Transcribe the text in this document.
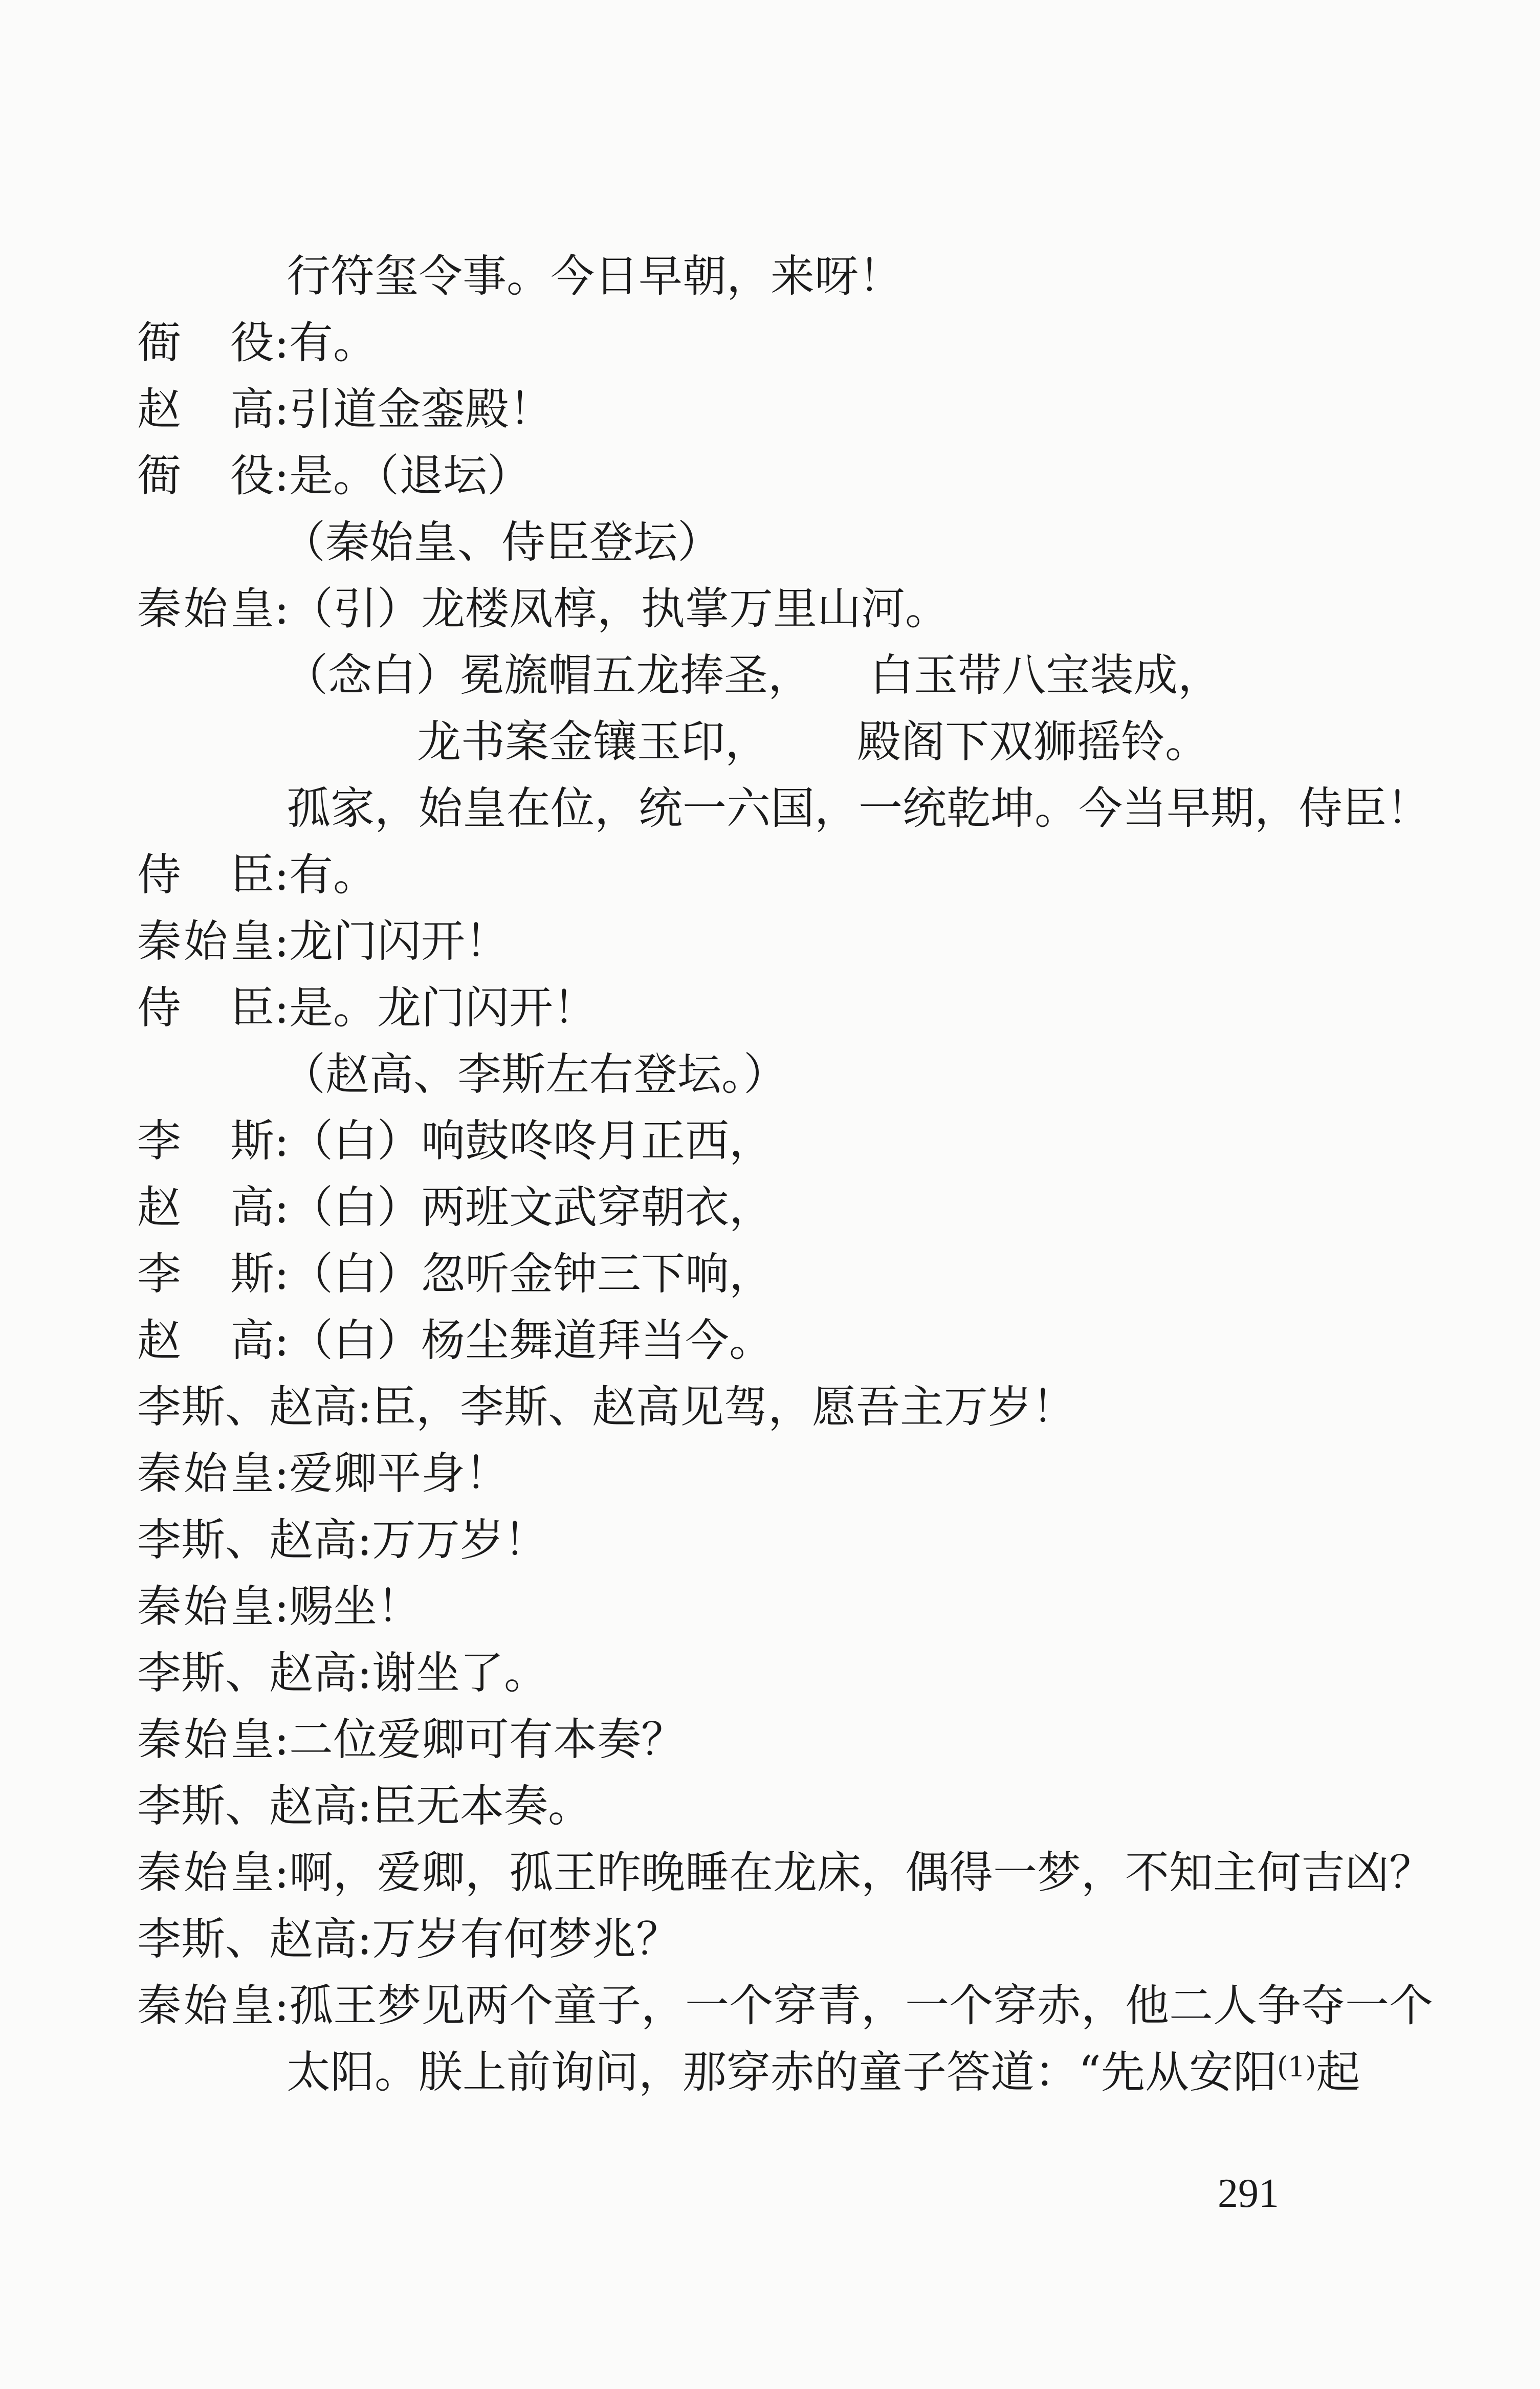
行符玺令事。今日早朝，来呀！
衙役:有。
赵高:引道金銮殿！
衙役:是。（退坛）
（秦始皇、侍臣登坛）
秦始皇:（引）龙楼凤椁，执掌万里山河。
（念白）冕旒帽五龙捧圣， 白玉带八宝装成，
龙书案金镶玉印， 殿阁下双狮摇铃。
孤家，始皇在位，统一六国，一统乾坤。今当早期，侍臣！
侍臣:有。
秦始皇:龙门闪开！
侍臣:是。龙门闪开！
（赵高、李斯左右登坛。）
李斯:（白）响鼓咚咚月正西，
赵高:（白）两班文武穿朝衣，
李斯:（白）忽听金钟三下响，
赵高:（白）杨尘舞道拜当今。
李斯、赵高:臣，李斯、赵高见驾，愿吾主万岁！
秦始皇:爱卿平身！
李斯、赵高:万万岁！
秦始皇:赐坐！
李斯、赵高:谢坐了。
秦始皇:二位爱卿可有本奏？
李斯、赵高:臣无本奏。
秦始皇:啊，爱卿，孤王昨晚睡在龙床，偶得一梦，不知主何吉凶？
李斯、赵高:万岁有何梦兆？
秦始皇:孤王梦见两个童子，一个穿青，一个穿赤，他二人争夺一个
太阳。朕上前询问，那穿赤的童子答道：“先从安阳$^{(1)}$起
291
